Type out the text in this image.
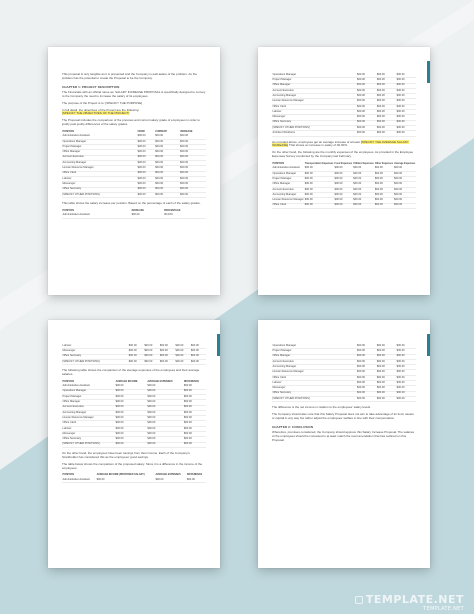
This proposal is only tangible as it is presented and the Company is well-aware of the problem. As the problem has the potential to create the Proposal to be the Company.
CHAPTER 1: PROJECT DESCRIPTION
The Financials with an official name as: SALARY INCREASE PROPOSAL is specifically designed to convey to the Company the need to increase the salary of its employees.
The purpose of the Project is to: [SPECIFY THE PURPOSE]
In full detail, the objectives of the Project are the following:
[SPECIFY THE OBJECTIVES OF THE PROJECT]
The Proposal includes the comparison of the previous and current salary grade of employees in order to justify past justify differences of the salary grades.
POSITION	FROM	CURRENT	INCREASE
Administrative Assistant	$00.00	$00.00	$00.00
Operations Manager	$00.00	$00.00	$00.00
Project Manager	$00.00	$00.00	$00.00
Office Manager	$00.00	$00.00	$00.00
Account Executive	$00.00	$00.00	$00.00
Accounting Manager	$00.00	$00.00	$00.00
Human Resource Manager	$00.00	$00.00	$00.00
Office Clerk	$00.00	$00.00	$00.00
Laborer	$00.00	$00.00	$00.00
Messenger	$00.00	$00.00	$00.00
Office Secretary	$00.00	$00.00	$00.00
[SPECIFY OTHER POSITIONS]	$00.00	$00.00	$00.00
This table shows the salary increase per position. Based on the percentage of each of the salary grades.
POSITION	INCREASE	PERCENTAGE
Administrative Assistant	$00.00	00.00%
Operations Manager	$00.00	$00.00	$00.00
Project Manager	$00.00	$00.00	$00.00
Office Manager	$00.00	$00.00	$00.00
Account Executive	$00.00	$00.00	$00.00
Accounting Manager	$00.00	$00.00	$00.00
Human Resource Manager	$00.00	$00.00	$00.00
Office Clerk	$00.00	$00.00	$00.00
Laborer	$00.00	$00.00	$00.00
Messenger	$00.00	$00.00	$00.00
Office Secretary	$00.00	$00.00	$00.00
[SPECIFY OTHER POSITIONS]	$00.00	$00.00	$00.00
Architect Workforce	$00.00	$00.00	$00.00
As provided above, employees get an average increase of at least [SPECIFY THE AVERAGE SALARY INCREASE] That shows an increase in salary of 00.00%.
On the other hand, the following are the monthly expenses of the employees. As provided in the Employee Expenses Survey conducted by the Company last February.
POSITION	Transportation Expenses	Food Expenses	Utilities Expenses	Other Expenses	Average Expenses
Administrative Assistant	$00.00	$00.00	$00.00	$00.00	$00.00
Operations Manager	$00.00	$00.00	$00.00	$00.00	$00.00
Project Manager	$00.00	$00.00	$00.00	$00.00	$00.00
Office Manager	$00.00	$00.00	$00.00	$00.00	$00.00
Account Executive	$00.00	$00.00	$00.00	$00.00	$00.00
Accounting Manager	$00.00	$00.00	$00.00	$00.00	$00.00
Human Resource Manager	$00.00	$00.00	$00.00	$00.00	$00.00
Office Clerk	$00.00	$00.00	$00.00	$00.00	$00.00
Laborer	$00.00	$00.00	$00.00	$00.00	$00.00
Messenger	$00.00	$00.00	$00.00	$00.00	$00.00
Office Secretary	$00.00	$00.00	$00.00	$00.00	$00.00
[SPECIFY OTHER POSITIONS]	$00.00	$00.00	$00.00	$00.00	$00.00
The following table shows the comparison of the average expenses of the employees and their average salaries.
POSITION	AVERAGE INCOME	AVERAGE EXPENSES	DIFFERENCE
Administrative Assistant	$00.00	$00.00	$00.00
Operations Manager	$00.00	$00.00	$00.00
Project Manager	$00.00	$00.00	$00.00
Office Manager	$00.00	$00.00	$00.00
Account Executive	$00.00	$00.00	$00.00
Accounting Manager	$00.00	$00.00	$00.00
Human Resource Manager	$00.00	$00.00	$00.00
Office Clerk	$00.00	$00.00	$00.00
Laborer	$00.00	$00.00	$00.00
Messenger	$00.00	$00.00	$00.00
Office Secretary	$00.00	$00.00	$00.00
[SPECIFY OTHER POSITIONS]	$00.00	$00.00	$00.00
On the other hand, the employees have been savings from their income. Each of the Company's Stockholder has considered this as the employees' good savings.
The table below shows the comparison of the proposed salary. Since it is a difference in the income of the employees.
POSITION	AVERAGE INCOME (PROPOSED SALARY)	AVERAGE EXPENSES	DIFFERENCE
Administrative Assistant	$00.00	$00.00	$00.00
Operations Manager	$00.00	$00.00	$00.00
Project Manager	$00.00	$00.00	$00.00
Office Manager	$00.00	$00.00	$00.00
Account Executive	$00.00	$00.00	$00.00
Accounting Manager	$00.00	$00.00	$00.00
Human Resource Manager	$00.00	$00.00	$00.00
Office Clerk	$00.00	$00.00	$00.00
Laborer	$00.00	$00.00	$00.00
Messenger	$00.00	$00.00	$00.00
Office Secretary	$00.00	$00.00	$00.00
[SPECIFY OTHER POSITIONS]	$00.00	$00.00	$00.00
The difference is the net income in relation to the employees' salary levels.
The Company should also note that this Salary Proposal does not aim to take advantage of its fund, assets or capital in any way but rather adjust the employees' welfare in line with their compensation.
CHAPTER 2: CONCLUSION
Wherefore, premises considered, the Company should approve this Salary Increase Proposal. The salaries of the employees should be increased to at least match the recommendation that has outlined on this Proposal.
TEMPLATE.NET
TEMPLATE.NET
